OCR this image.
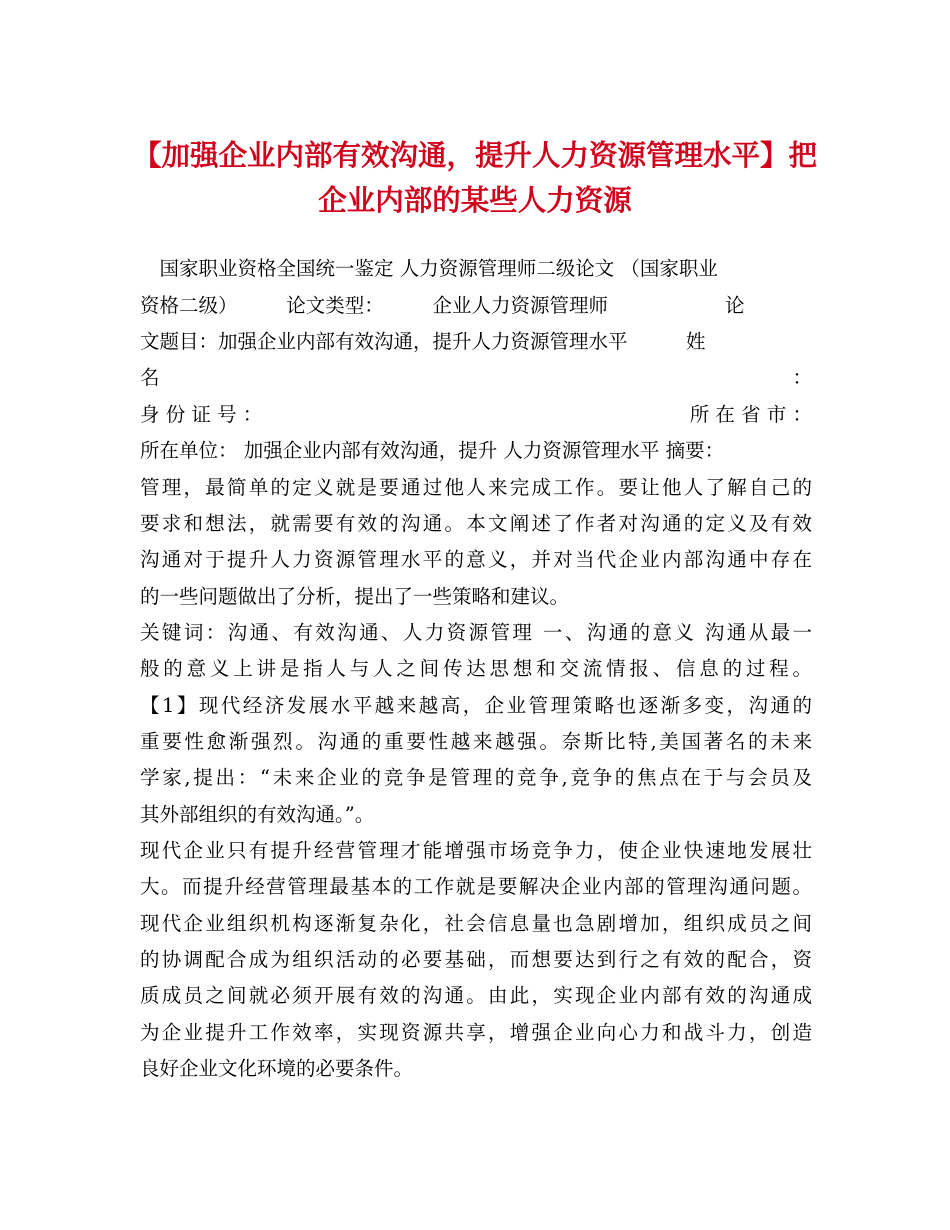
【加强企业内部有效沟通，提升人力资源管理水平】把
企业内部的某些人力资源
　国家职业资格全国统一鉴定 人力资源管理师二级论文 （国家职业
资格二级）　　　论文类型：　　　企业人力资源管理师　　　　　　论
文题目：加强企业内部有效沟通，提升人力资源管理水平　　　姓
名	：
身 份 证 号 ：	所 在 省 市 ：
所在单位： 加强企业内部有效沟通，提升 人力资源管理水平 摘要：
管理，最简单的定义就是要通过他人来完成工作。要让他人了解自己的
要求和想法，就需要有效的沟通。本文阐述了作者对沟通的定义及有效
沟通对于提升人力资源管理水平的意义，并对当代企业内部沟通中存在
的一些问题做出了分析，提出了一些策略和建议。
关键词：沟通、有效沟通、人力资源管理 一、沟通的意义 沟通从最一
般的意义上讲是指人与人之间传达思想和交流情报、信息的过程。
【1】现代经济发展水平越来越高，企业管理策略也逐渐多变，沟通的
重要性愈渐强烈。沟通的重要性越来越强。奈斯比特,美国著名的未来
学家,提出：“未来企业的竞争是管理的竞争,竞争的焦点在于与会员及
其外部组织的有效沟通。”。
现代企业只有提升经营管理才能增强市场竞争力，使企业快速地发展壮
大。而提升经营管理最基本的工作就是要解决企业内部的管理沟通问题。
现代企业组织机构逐渐复杂化，社会信息量也急剧增加，组织成员之间
的协调配合成为组织活动的必要基础，而想要达到行之有效的配合，资
质成员之间就必须开展有效的沟通。由此，实现企业内部有效的沟通成
为企业提升工作效率，实现资源共享，增强企业向心力和战斗力，创造
良好企业文化环境的必要条件。
